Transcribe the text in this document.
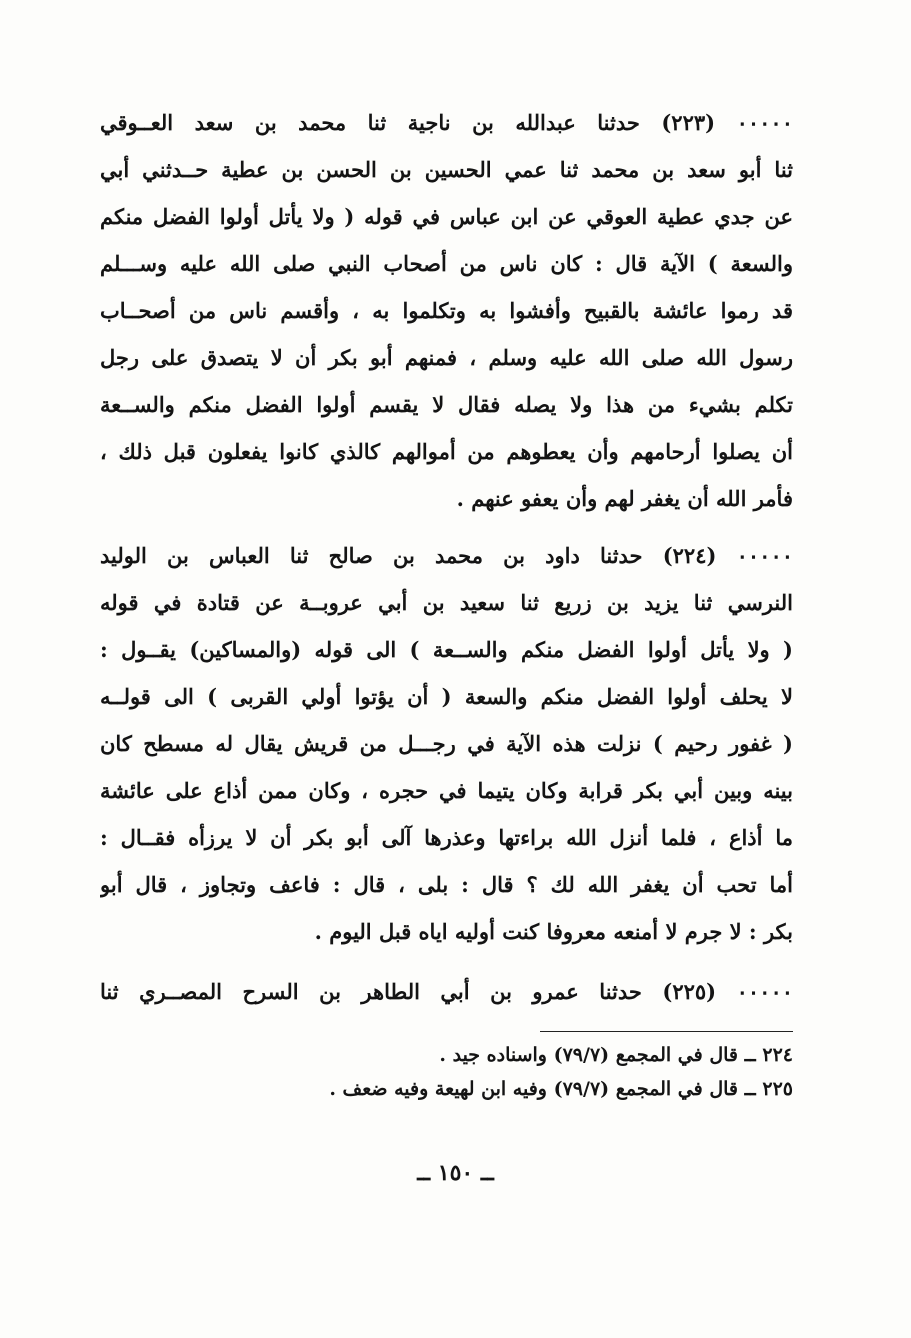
٠٠٠٠٠ (٢٢٣) حدثنا عبدالله بن ناجية ثنا محمد بن سعد العــوقي
ثنا أبو سعد بن محمد ثنا عمي الحسين بن الحسن بن عطية حــدثني أبي
عن جدي عطية العوقي عن ابن عباس في قوله ( ولا يأتل أولوا الفضل منكم
والسعة ) الآية قال : كان ناس من أصحاب النبي صلى الله عليه وســـلم
قد رموا عائشة بالقبيح وأفشوا به وتكلموا به ، وأقسم ناس من أصحــاب
رسول الله صلى الله عليه وسلم ، فمنهم أبو بكر أن لا يتصدق على رجل
تكلم بشيء من هذا ولا يصله فقال لا يقسم أولوا الفضل منكم والســعة
أن يصلوا أرحامهم وأن يعطوهم من أموالهم كالذي كانوا يفعلون قبل ذلك ،
فأمر الله أن يغفر لهم وأن يعفو عنهم .
٠٠٠٠٠ (٢٢٤) حدثنا داود بن محمد بن صالح ثنا العباس بن الوليد
النرسي ثنا يزيد بن زريع ثنا سعيد بن أبي عروبــة عن قتادة في قوله
( ولا يأتل أولوا الفضل منكم والســعة ) الى قوله (والمساكين) يقــول :
لا يحلف أولوا الفضل منكم والسعة ( أن يؤتوا أولي القربى ) الى قولــه
( غفور رحيم ) نزلت هذه الآية في رجـــل من قريش يقال له مسطح كان
بينه وبين أبي بكر قرابة وكان يتيما في حجره ، وكان ممن أذاع على عائشة
ما أذاع ، فلما أنزل الله براءتها وعذرها آلى أبو بكر أن لا يرزأه فقــال :
أما تحب أن يغفر الله لك ؟ قال : بلى ، قال : فاعف وتجاوز ، قال أبو
بكر : لا جرم لا أمنعه معروفا كنت أوليه اياه قبل اليوم .
٠٠٠٠٠ (٢٢٥) حدثنا عمرو بن أبي الطاهر بن السرح المصــري ثنا
٢٢٤ ــ قال في المجمع (٧٩/٧) واسناده جيد .
٢٢٥ ــ قال في المجمع (٧٩/٧) وفيه ابن لهيعة وفيه ضعف .
ــ ١٥٠ ــ
